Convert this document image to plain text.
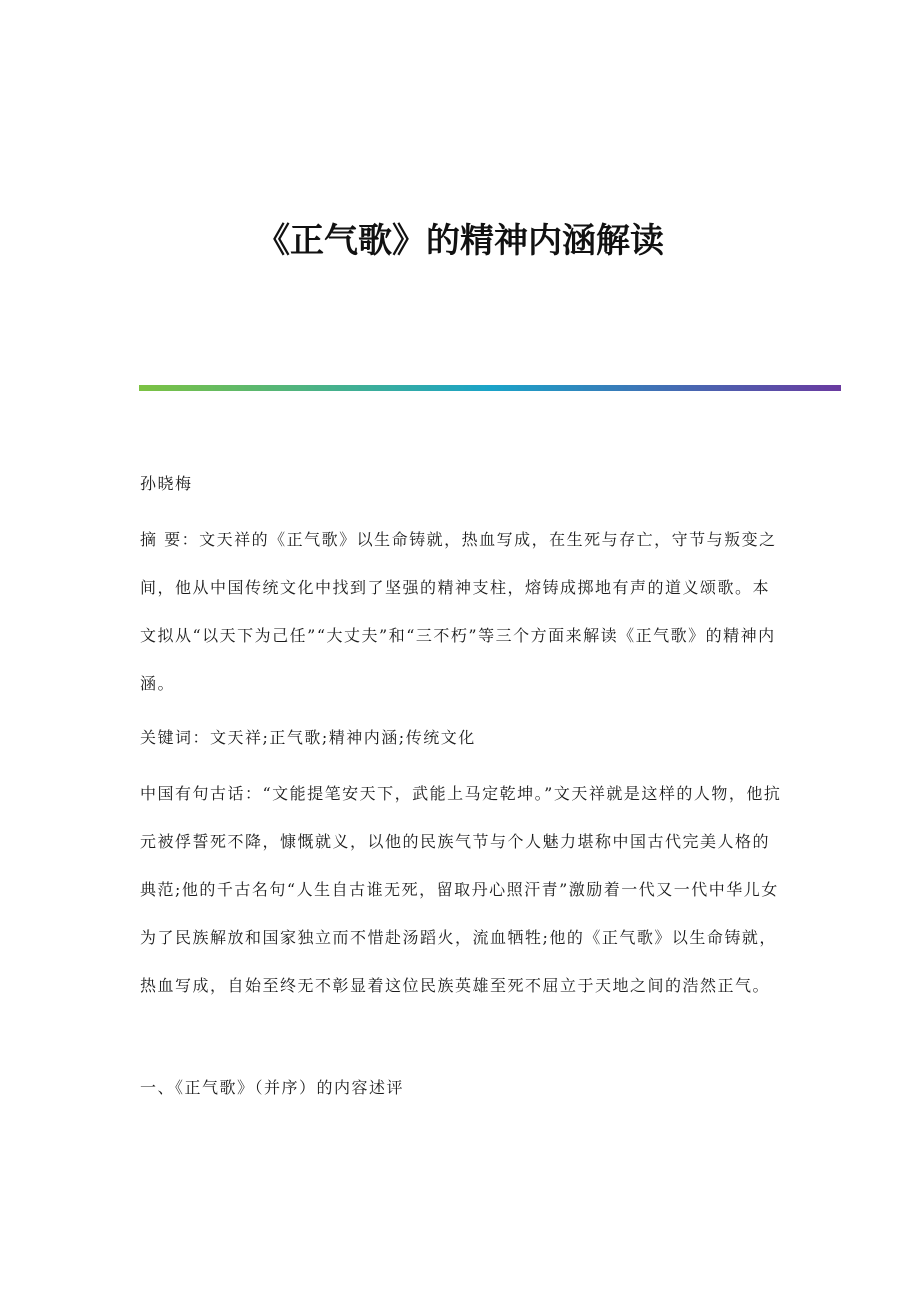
《正气歌》的精神内涵解读

孙晓梅

摘 要：文天祥的《正气歌》以生命铸就，热血写成，在生死与存亡，守节与叛变之间，他从中国传统文化中找到了坚强的精神支柱，熔铸成掷地有声的道义颂歌。本文拟从“以天下为己任”“大丈夫”和“三不朽”等三个方面来解读《正气歌》的精神内涵。

关键词：文天祥;正气歌;精神内涵;传统文化

中国有句古话：“文能提笔安天下，武能上马定乾坤。”文天祥就是这样的人物，他抗元被俘誓死不降，慷慨就义，以他的民族气节与个人魅力堪称中国古代完美人格的典范;他的千古名句“人生自古谁无死，留取丹心照汗青”激励着一代又一代中华儿女为了民族解放和国家独立而不惜赴汤蹈火，流血牺牲;他的《正气歌》以生命铸就，热血写成，自始至终无不彰显着这位民族英雄至死不屈立于天地之间的浩然正气。

一、《正气歌》（并序）的内容述评
